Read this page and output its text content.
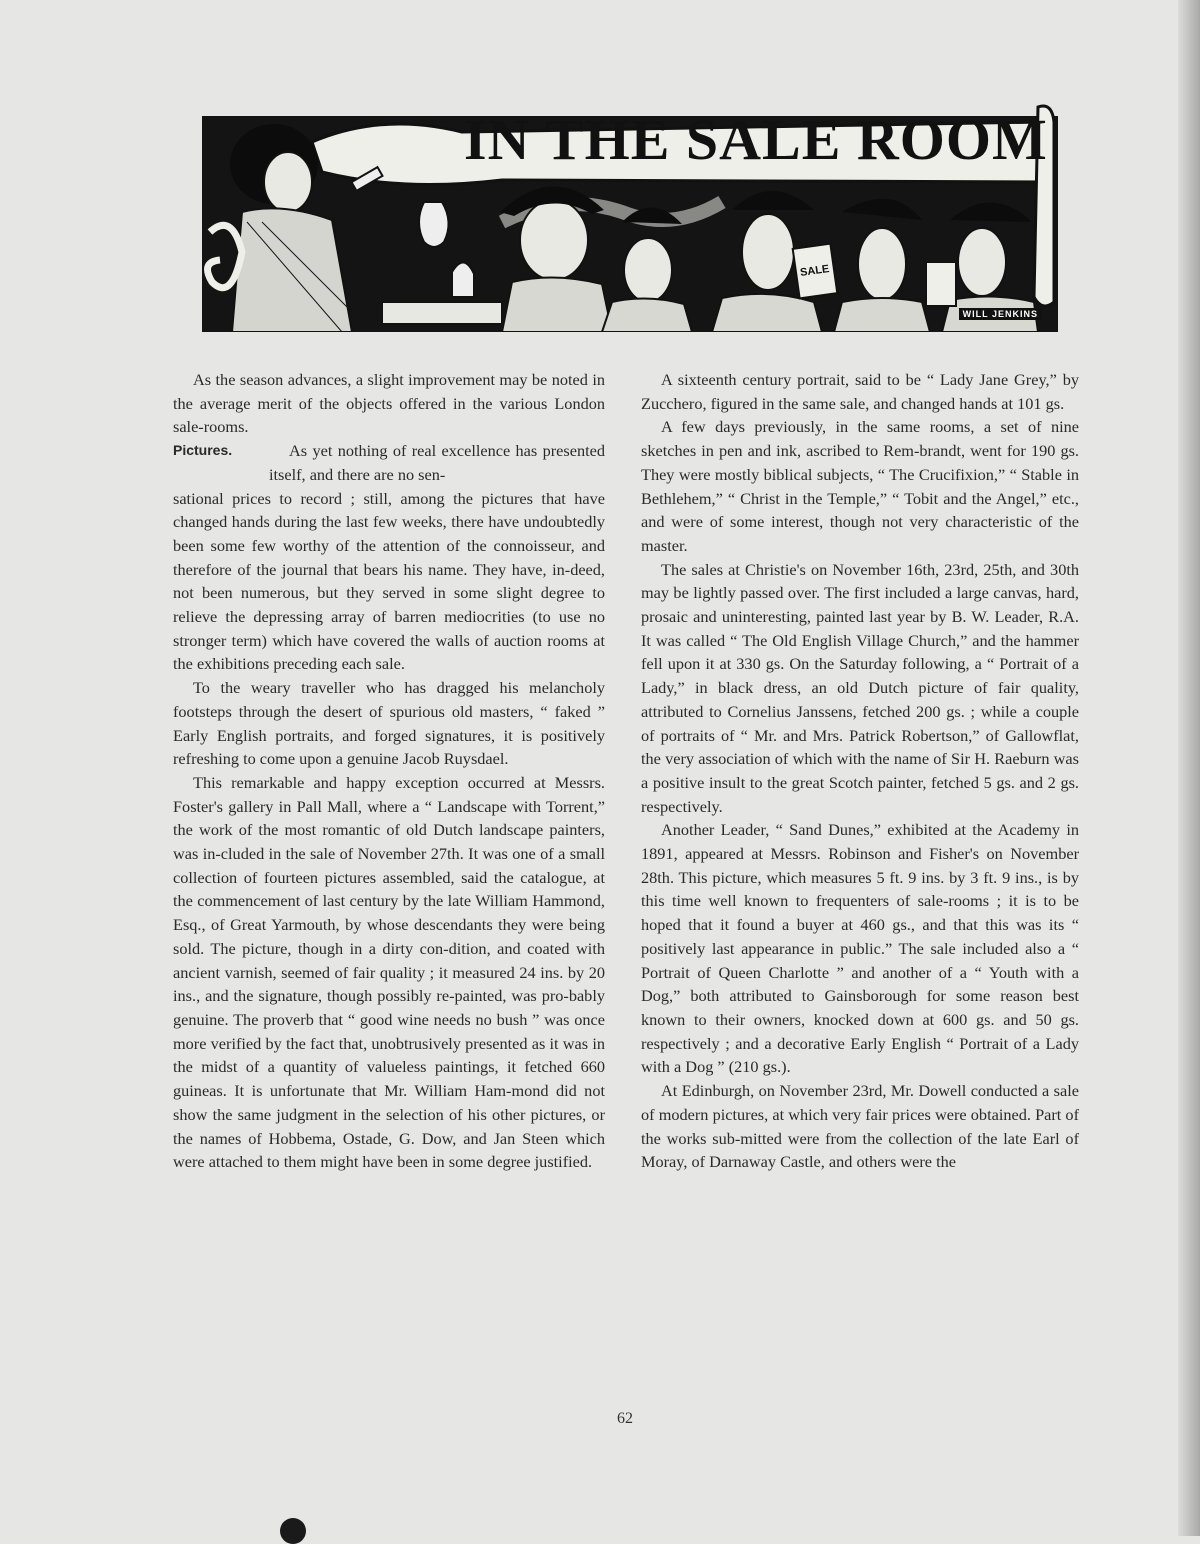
SALE
IN THE SALE ROOM
WILL JENKINS

As the season advances, a slight improvement may be noted in the average merit of the objects offered in the various London sale-rooms.

Pictures.	As yet nothing of real excellence has presented itself, and there are no sen-

sational prices to record ; still, among the pictures that have changed hands during the last few weeks, there have undoubtedly been some few worthy of the attention of the connoisseur, and therefore of the journal that bears his name. They have, in-deed, not been numerous, but they served in some slight degree to relieve the depressing array of barren mediocrities (to use no stronger term) which have covered the walls of auction rooms at the exhibitions preceding each sale.

To the weary traveller who has dragged his melancholy footsteps through the desert of spurious old masters, “ faked ” Early English portraits, and forged signatures, it is positively refreshing to come upon a genuine Jacob Ruysdael.

This remarkable and happy exception occurred at Messrs. Foster's gallery in Pall Mall, where a “ Landscape with Torrent,” the work of the most romantic of old Dutch landscape painters, was in-cluded in the sale of November 27th. It was one of a small collection of fourteen pictures assembled, said the catalogue, at the commencement of last century by the late William Hammond, Esq., of Great Yarmouth, by whose descendants they were being sold. The picture, though in a dirty con-dition, and coated with ancient varnish, seemed of fair quality ; it measured 24 ins. by 20 ins., and the signature, though possibly re-painted, was pro-bably genuine. The proverb that “ good wine needs no bush ” was once more verified by the fact that, unobtrusively presented as it was in the midst of a quantity of valueless paintings, it fetched 660 guineas. It is unfortunate that Mr. William Ham-mond did not show the same judgment in the selection of his other pictures, or the names of Hobbema, Ostade, G. Dow, and Jan Steen which were attached to them might have been in some degree justified.

A sixteenth century portrait, said to be “ Lady Jane Grey,” by Zucchero, figured in the same sale, and changed hands at 101 gs.

A few days previously, in the same rooms, a set of nine sketches in pen and ink, ascribed to Rem-brandt, went for 190 gs. They were mostly biblical subjects, “ The Crucifixion,” “ Stable in Bethlehem,” “ Christ in the Temple,” “ Tobit and the Angel,” etc., and were of some interest, though not very characteristic of the master.

The sales at Christie's on November 16th, 23rd, 25th, and 30th may be lightly passed over. The first included a large canvas, hard, prosaic and uninteresting, painted last year by B. W. Leader, R.A. It was called “ The Old English Village Church,” and the hammer fell upon it at 330 gs. On the Saturday following, a “ Portrait of a Lady,” in black dress, an old Dutch picture of fair quality, attributed to Cornelius Janssens, fetched 200 gs. ; while a couple of portraits of “ Mr. and Mrs. Patrick Robertson,” of Gallowflat, the very association of which with the name of Sir H. Raeburn was a positive insult to the great Scotch painter, fetched 5 gs. and 2 gs. respectively.

Another Leader, “ Sand Dunes,” exhibited at the Academy in 1891, appeared at Messrs. Robinson and Fisher's on November 28th. This picture, which measures 5 ft. 9 ins. by 3 ft. 9 ins., is by this time well known to frequenters of sale-rooms ; it is to be hoped that it found a buyer at 460 gs., and that this was its “ positively last appearance in public.” The sale included also a “ Portrait of Queen Charlotte ” and another of a “ Youth with a Dog,” both attributed to Gainsborough for some reason best known to their owners, knocked down at 600 gs. and 50 gs. respectively ; and a decorative Early English “ Portrait of a Lady with a Dog ” (210 gs.).

At Edinburgh, on November 23rd, Mr. Dowell conducted a sale of modern pictures, at which very fair prices were obtained. Part of the works sub-mitted were from the collection of the late Earl of Moray, of Darnaway Castle, and others were the

62
